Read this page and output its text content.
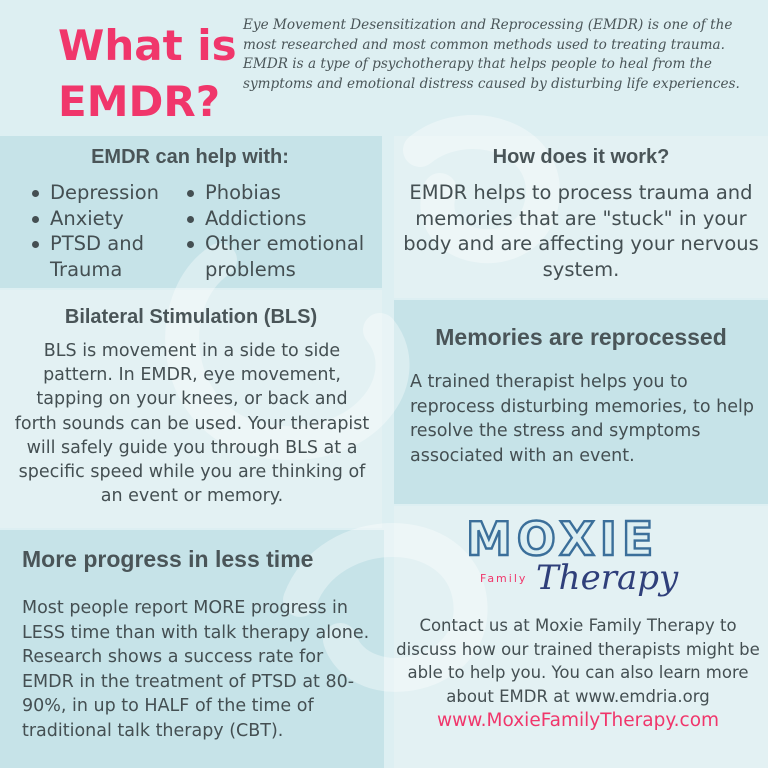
What is
EMDR?

Eye Movement Desensitization and Reprocessing (EMDR) is one of the most researched and most common methods used to treating trauma. EMDR is a type of psychotherapy that helps people to heal from the symptoms and emotional distress caused by disturbing life experiences.

EMDR can help with:
Depression
Anxiety
PTSD and Trauma
Phobias
Addictions
Other emotional problems
How does it work?

EMDR helps to process trauma and memories that are "stuck" in your body and are affecting your nervous system.

Bilateral Stimulation (BLS)

BLS is movement in a side to side pattern. In EMDR, eye movement, tapping on your knees, or back and forth sounds can be used. Your therapist will safely guide you through BLS at a specific speed while you are thinking of an event or memory.

Memories are reprocessed

A trained therapist helps you to reprocess disturbing memories, to help resolve the stress and symptoms associated with an event.

More progress in less time

Most people report MORE progress in LESS time than with talk therapy alone. Research shows a success rate for EMDR in the treatment of PTSD at 80-90%, in up to HALF of the time of traditional talk therapy (CBT).

MOXIE
Family Therapy

Contact us at Moxie Family Therapy to discuss how our trained therapists might be able to help you. You can also learn more about EMDR at www.emdria.org

www.MoxieFamilyTherapy.com
